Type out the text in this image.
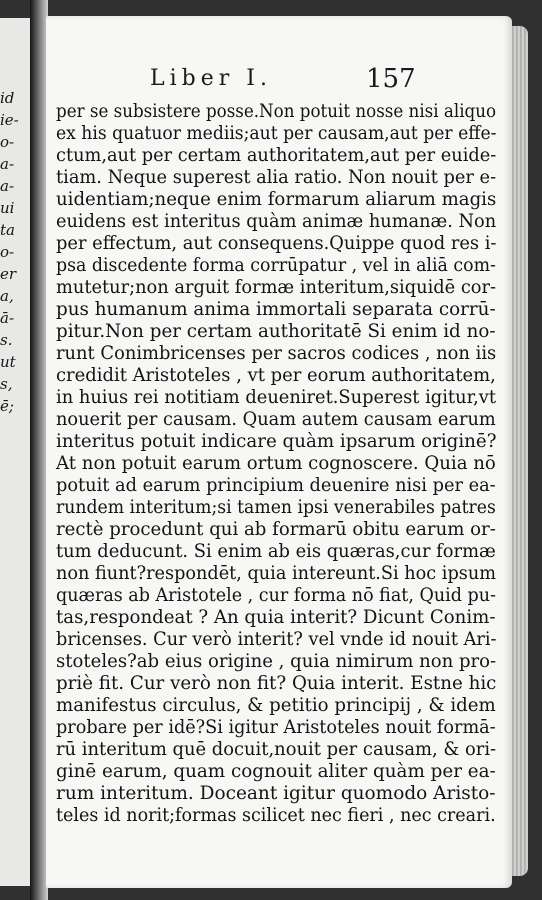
id
ie-
o-
a-
a-
ui
ta
o-
er
a,
ā-
s.
ut
s,
ē;
Liber I.	157
per se subsistere posse.Non potuit nosse nisi aliquo
ex his quatuor mediis;aut per causam,aut per effe-
ctum,aut per certam authoritatem,aut per euide-
tiam. Neque superest alia ratio. Non nouit per e-
uidentiam;neque enim formarum aliarum magis
euidens est interitus quàm animæ humanæ. Non
per effectum, aut consequens.Quippe quod res i-
psa discedente forma corrūpatur , vel in aliā com-
mutetur;non arguit formæ interitum,siquidē cor-
pus humanum anima immortali separata corrū-
pitur.Non per certam authoritatē Si enim id no-
runt Conimbricenses per sacros codices , non iis
credidit Aristoteles , vt per eorum authoritatem,
in huius rei notitiam deueniret.Superest igitur,vt
nouerit per causam. Quam autem causam earum
interitus potuit indicare quàm ipsarum originē?
At non potuit earum ortum cognoscere. Quia nō
potuit ad earum principium deuenire nisi per ea-
rundem interitum;si tamen ipsi venerabiles patres
rectè procedunt qui ab formarū obitu earum or-
tum deducunt. Si enim ab eis quæras,cur formæ
non fiunt?respondēt, quia intereunt.Si hoc ipsum
quæras ab Aristotele , cur forma nō fiat, Quid pu-
tas,respondeat ? An quia interit? Dicunt Conim-
bricenses. Cur verò interit? vel vnde id nouit Ari-
stoteles?ab eius origine , quia nimirum non pro-
priè fit. Cur verò non fit? Quia interit. Estne hic
manifestus circulus, & petitio principij , & idem
probare per idē?Si igitur Aristoteles nouit formā-
rū interitum quē docuit,nouit per causam, & ori-
ginē earum, quam cognouit aliter quàm per ea-
rum interitum. Doceant igitur quomodo Aristo-
teles id norit;formas scilicet nec fieri , nec creari.
